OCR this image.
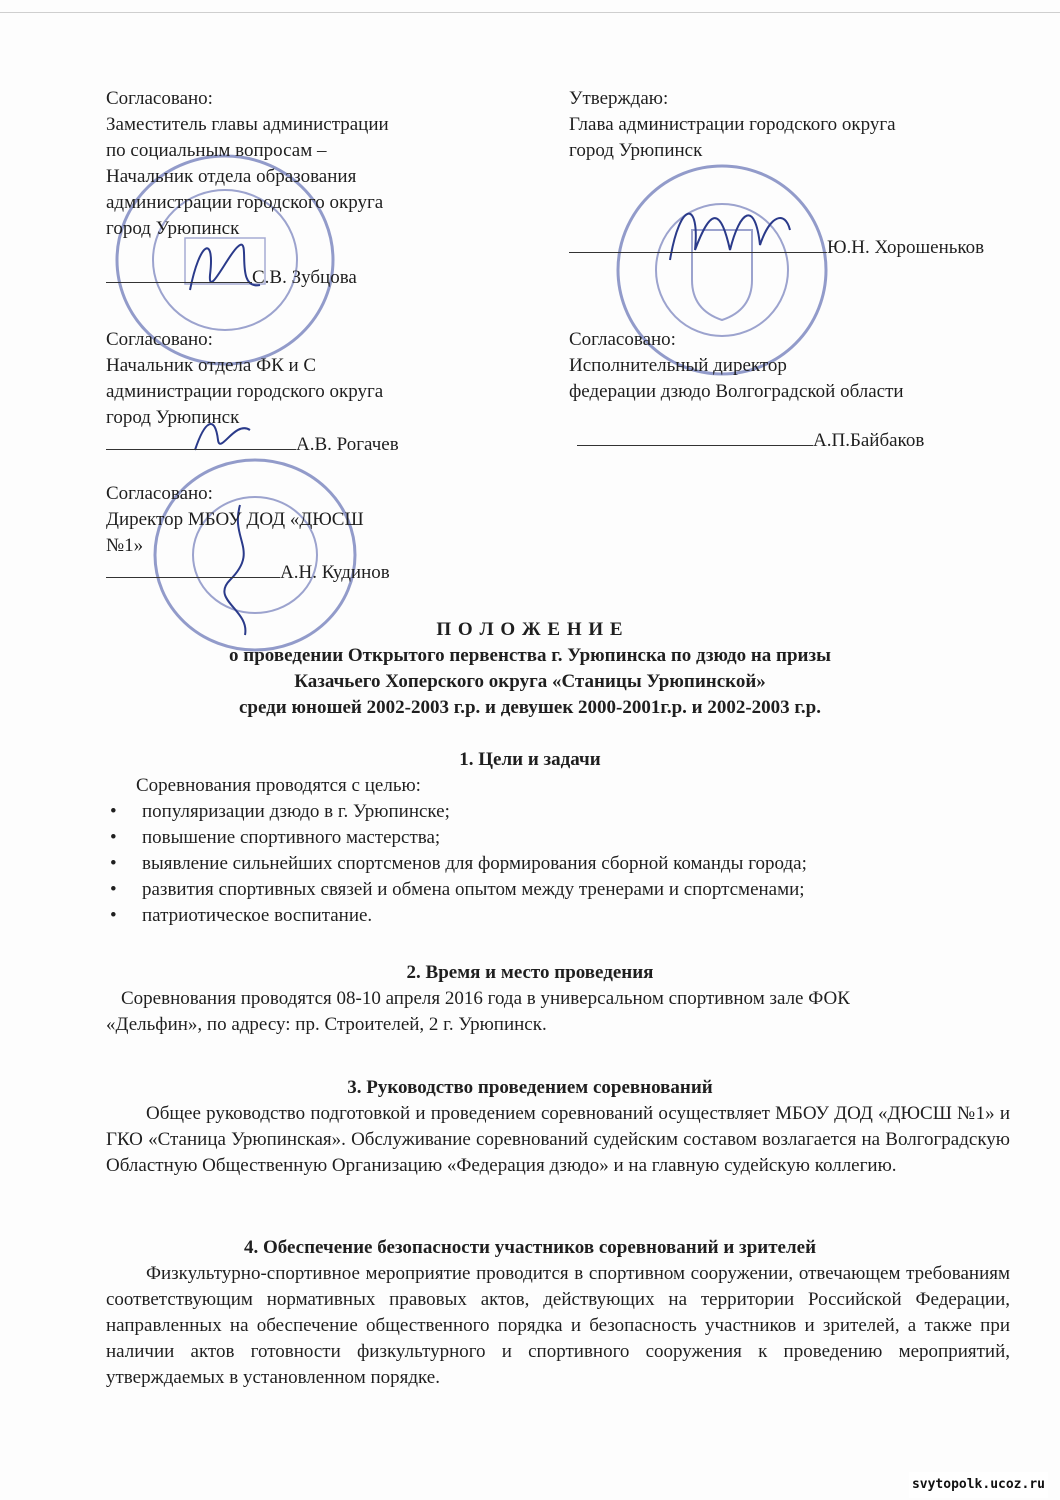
Согласовано:
Заместитель главы администрации
по социальным вопросам –
Начальник отдела образования
администрации городского округа
город Урюпинск
С.В. Зубцова
Согласовано:
Начальник отдела ФК и С
администрации городского округа
город Урюпинск
А.В. Рогачев
Согласовано:
Директор МБОУ ДОД «ДЮСШ
№1»
А.Н. Кудинов
Утверждаю:
Глава администрации городского округа
город Урюпинск
Ю.Н. Хорошеньков
Согласовано:
Исполнительный директор
федерации дзюдо Волгоградской области
А.П.Байбаков
П О Л О Ж Е Н И Е
о проведении Открытого первенства г. Урюпинска по дзюдо на призы
Казачьего Хоперского округа «Станицы Урюпинской»
среди юношей 2002-2003 г.р. и девушек 2000-2001г.р. и 2002-2003 г.р.
1. Цели и задачи
Соревнования проводятся с целью:
• популяризации дзюдо в г. Урюпинске;
• повышение спортивного мастерства;
• выявление сильнейших спортсменов для формирования сборной команды города;
• развития спортивных связей и обмена опытом между тренерами и спортсменами;
• патриотическое воспитание.
2. Время и место проведения
Соревнования проводятся 08-10 апреля 2016 года в универсальном спортивном зале ФОК
«Дельфин», по адресу: пр. Строителей, 2 г. Урюпинск.
3. Руководство проведением соревнований
Общее руководство подготовкой и проведением соревнований осуществляет МБОУ ДОД «ДЮСШ №1» и ГКО «Станица Урюпинская». Обслуживание соревнований судейским составом возлагается на Волгоградскую Областную Общественную Организацию «Федерация дзюдо» и на главную судейскую коллегию.
4. Обеспечение безопасности участников соревнований и зрителей
Физкультурно-спортивное мероприятие проводится в спортивном сооружении, отвечающем требованиям соответствующим нормативных правовых актов, действующих на территории Российской Федерации, направленных на обеспечение общественного порядка и безопасность участников и зрителей, а также при наличии актов готовности физкультурного и спортивного сооружения к проведению мероприятий, утверждаемых в установленном порядке.
svytopolk.ucoz.ru
